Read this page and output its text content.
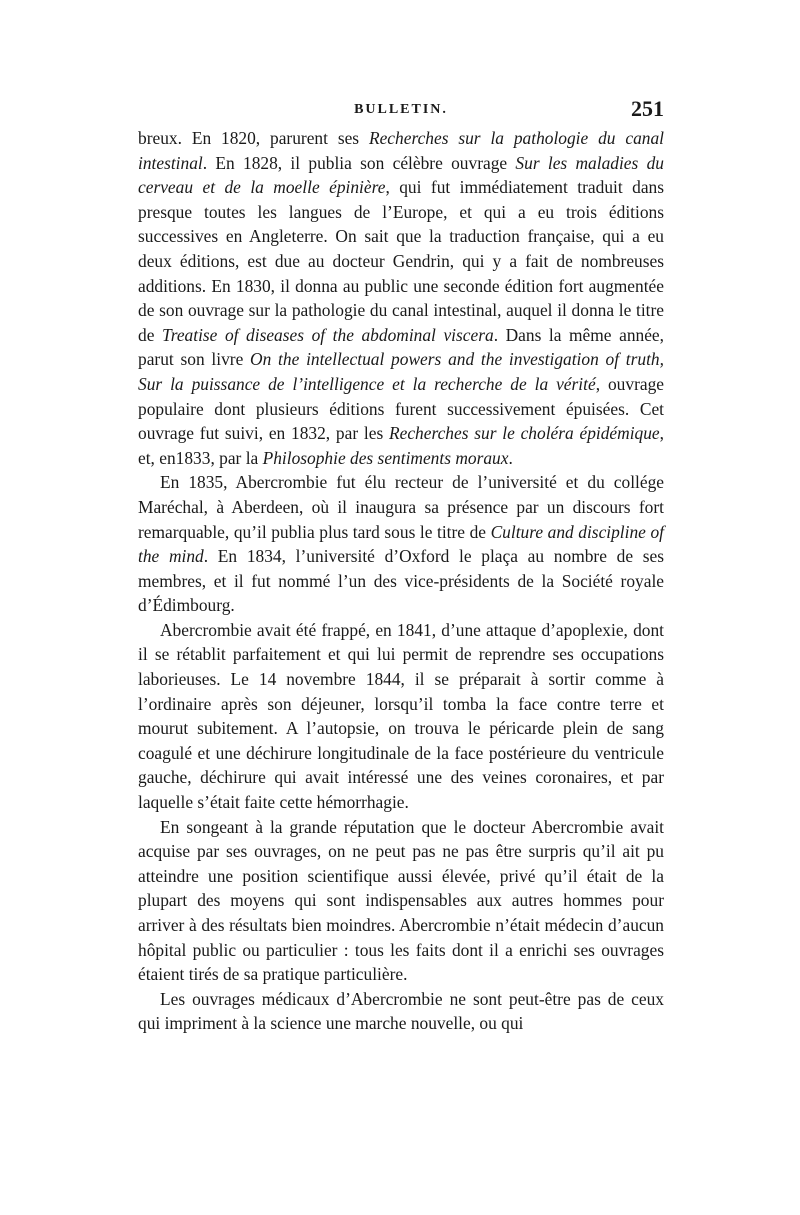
BULLETIN.	251

breux. En 1820, parurent ses Recherches sur la pathologie du canal intestinal. En 1828, il publia son célèbre ouvrage Sur les maladies du cerveau et de la moelle épinière, qui fut immédiatement traduit dans presque toutes les langues de l’Europe, et qui a eu trois éditions successives en Angleterre. On sait que la traduction française, qui a eu deux éditions, est due au docteur Gendrin, qui y a fait de nombreuses additions. En 1830, il donna au public une seconde édition fort augmentée de son ouvrage sur la pathologie du canal intestinal, auquel il donna le titre de Treatise of diseases of the abdominal viscera. Dans la même année, parut son livre On the intellectual powers and the investigation of truth, Sur la puissance de l’intelligence et la recherche de la vérité, ouvrage populaire dont plusieurs éditions furent successivement épuisées. Cet ouvrage fut suivi, en 1832, par les Recherches sur le choléra épidémique, et, en1833, par la Philosophie des sentiments moraux.

En 1835, Abercrombie fut élu recteur de l’université et du collége Maréchal, à Aberdeen, où il inaugura sa présence par un discours fort remarquable, qu’il publia plus tard sous le titre de Culture and discipline of the mind. En 1834, l’université d’Oxford le plaça au nombre de ses membres, et il fut nommé l’un des vice-présidents de la Société royale d’Édimbourg.

Abercrombie avait été frappé, en 1841, d’une attaque d’apoplexie, dont il se rétablit parfaitement et qui lui permit de reprendre ses occupations laborieuses. Le 14 novembre 1844, il se préparait à sortir comme à l’ordinaire après son déjeuner, lorsqu’il tomba la face contre terre et mourut subitement. A l’autopsie, on trouva le péricarde plein de sang coagulé et une déchirure longitudinale de la face postérieure du ventricule gauche, déchirure qui avait intéressé une des veines coronaires, et par laquelle s’était faite cette hémorrhagie.

En songeant à la grande réputation que le docteur Abercrombie avait acquise par ses ouvrages, on ne peut pas ne pas être surpris qu’il ait pu atteindre une position scientifique aussi élevée, privé qu’il était de la plupart des moyens qui sont indispensables aux autres hommes pour arriver à des résultats bien moindres. Abercrombie n’était médecin d’aucun hôpital public ou particulier : tous les faits dont il a enrichi ses ouvrages étaient tirés de sa pratique particulière.

Les ouvrages médicaux d’Abercrombie ne sont peut-être pas de ceux qui impriment à la science une marche nouvelle, ou qui
